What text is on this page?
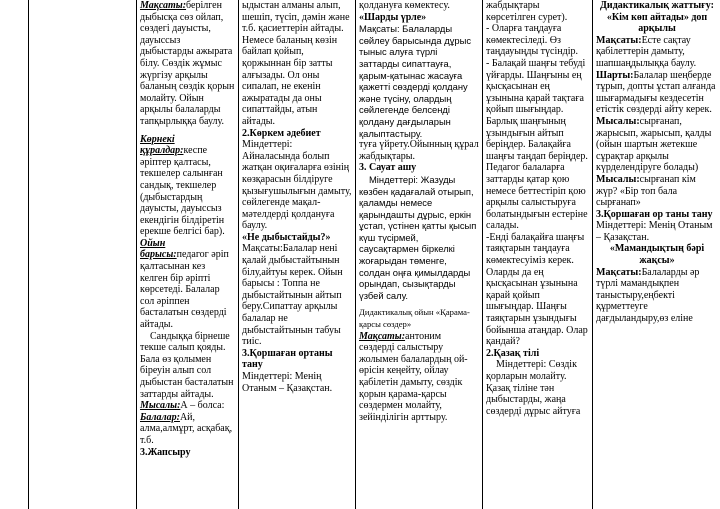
Мақсаты:берілген дыбысқа сөз ойлап, сөздегі дауысты, дауыссыз дыбыстарды ажырата білу. Сөздік жұмыс жүргізу арқылы баланың сөздік қорын молайту. Ойын арқылы балаларды тапқырлыққа баулу.

Көрнекі құралдар:кеспе әріптер қалтасы, текшелер салынған сандық, текшелер (дыбыстардың дауысты, дауыссыз екендігін білдіретін ерекше белгісі бар).

Ойын барысы:педагог әріп қалтасынан кез келген бір әріпті көрсетеді. Балалар сол әріппен басталатын сөздерді айтады.

Сандыққа бірнеше текше салып қояды. Бала өз қолымен біреуін алып сол дыбыстан басталатын заттарды айтады.

Мысалы:А – болса:

Балалар:Ай, алма,алмұрт, асқабақ, т.б.

3.Жапсыру

ыдыстан алманы алып, шешіп, түсіп, дәмін және т.б. қасиеттерін айтады. Немесе баланың көзін байлап қойып, қоржыннан бір затты алғызады. Ол оны сипалап, не екенін ажыратады да оны сипаттайды, атын айтады.

2.Көркем әдебиет

Міндеттері: Айналасында болып жатқан оқиғаларға өзінің көзқарасын білдіруге қызығушылығын дамыту, сөйлегенде мақал-мәтелдерді қолдануға баулу.

«Не дыбыстайды?»

Мақсаты:Балалар нені қалай дыбыстайтынын білу,айтуы керек. Ойын барысы : Топпа не дыбыстайтынын айтып беру.Сипаттау арқылы балалар не дыбыстайтынын табуы тиіс.

3.Қоршаған ортаны тану

Міндеттері: Менің Отаным – Қазақстан.

қолдануға көмектесу.

«Шарды үрле»

Мақсаты: Балаларды сөйлеу барысында дұрыс тыныс алуға түрлі заттарды сипаттауға, қарым-қатынас жасауға қажетті сөздерді қолдану және түсіну, олардың сөйлегенде белсенді қолдану дағдыларын қалыптастыру.

туға үйрету.Ойынның құрал жабдықтары.

3. Сауат ашу

Міндеттері: Жазуды көзбен қадағалай отырып, қаламды немесе қарындашты дұрыс, еркін ұстап, үстінен қатты қысып күш түсірмей, саусақтармен біркелкі жоғарыдан төменге, солдан оңға қимылдарды орындап, сызықтарды үзбей салу.

Дидактикалық ойын «Қарама-қарсы сөздер»

Мақсаты:антоним сөздерді салыстыру жолымен балалардың ой-өрісін кеңейту, ойлау қабілетін дамыту, сөздік қорын қарама-қарсы сөздермен молайту, зейінділігін арттыру.

жабдықтары көрсетілген сурет).

- Оларға таңдауға көмектесіледі. Өз таңдауыңды түсіндір.

- Балақай шаңғы тебуді үйғарды. Шаңғыны ең қысқасынан ең ұзынына қарай тақтаға қойып шығыңдар. Барлық шаңғының ұзындығын айтып беріңдер. Балақайға шаңғы таңдап беріңдер.

Педагог балаларға заттарды қатар қою немесе беттестіріп қою арқылы салыстыруға болатындығын естеріне салады.

-Енді балақайға шаңғы таяқтарын таңдауға көмектесуіміз керек. Оларды да ең қысқасынан ұзынына қарай қойып шығыңдар. Шаңғы таяқтарын ұзындығы бойынша атаңдар. Олар қандай?

2.Қазақ тілі

Міндеттері: Сөздік қорларын молайту. Қазақ тіліне тән дыбыстарды, жаңа сөздерді дұрыс айтуға

Дидактикалық жаттығу:

«Кім көп айтады» доп арқылы

Мақсаты:Есте сақтау қабілеттерін дамыту, шапшаңдылыққа баулу.

Шарты:Балалар шеңберде тұрып, допты ұстап алғанда шығармадығы кездесетін етістік сөздерді айту керек.

Мысалы:сырғанап, жарысып, жарысып, қалды

(ойын шартын жетекше сұрақтар арқылы күрделендіруге болады)

Мысалы:сырғанап кім жүр? «Бір топ бала сырғанап»

3.Қоршаған ор таны тану

Міндеттері: Менің Отаным – Қазақстан.

«Мамандықтың бәрі жақсы»

Мақсаты:Балаларды әр түрлі мамандықпен таныстыру,еңбекті құрметтеуге дағдыландыру,өз еліне
